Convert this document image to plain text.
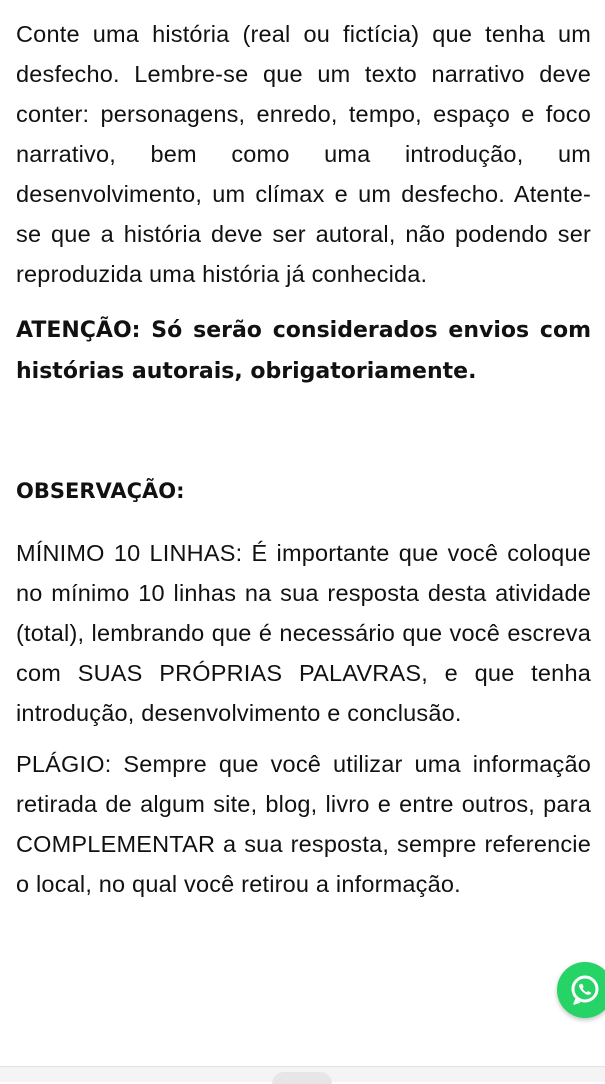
Conte uma história (real ou fictícia) que tenha um desfecho. Lembre-se que um texto narrativo deve conter: personagens, enredo, tempo, espaço e foco narrativo, bem como uma introdução, um desenvolvimento, um clímax e um desfecho. Atente-se que a história deve ser autoral, não podendo ser reproduzida uma história já conhecida.

ATENÇÃO: Só serão considerados envios com histórias autorais, obrigatoriamente.

OBSERVAÇÃO:

MÍNIMO 10 LINHAS: É importante que você coloque no mínimo 10 linhas na sua resposta desta atividade (total), lembrando que é necessário que você escreva com SUAS PRÓPRIAS PALAVRAS, e que tenha introdução, desenvolvimento e conclusão.

PLÁGIO: Sempre que você utilizar uma informação retirada de algum site, blog, livro e entre outros, para COMPLEMENTAR a sua resposta, sempre referencie o local, no qual você retirou a informação.
